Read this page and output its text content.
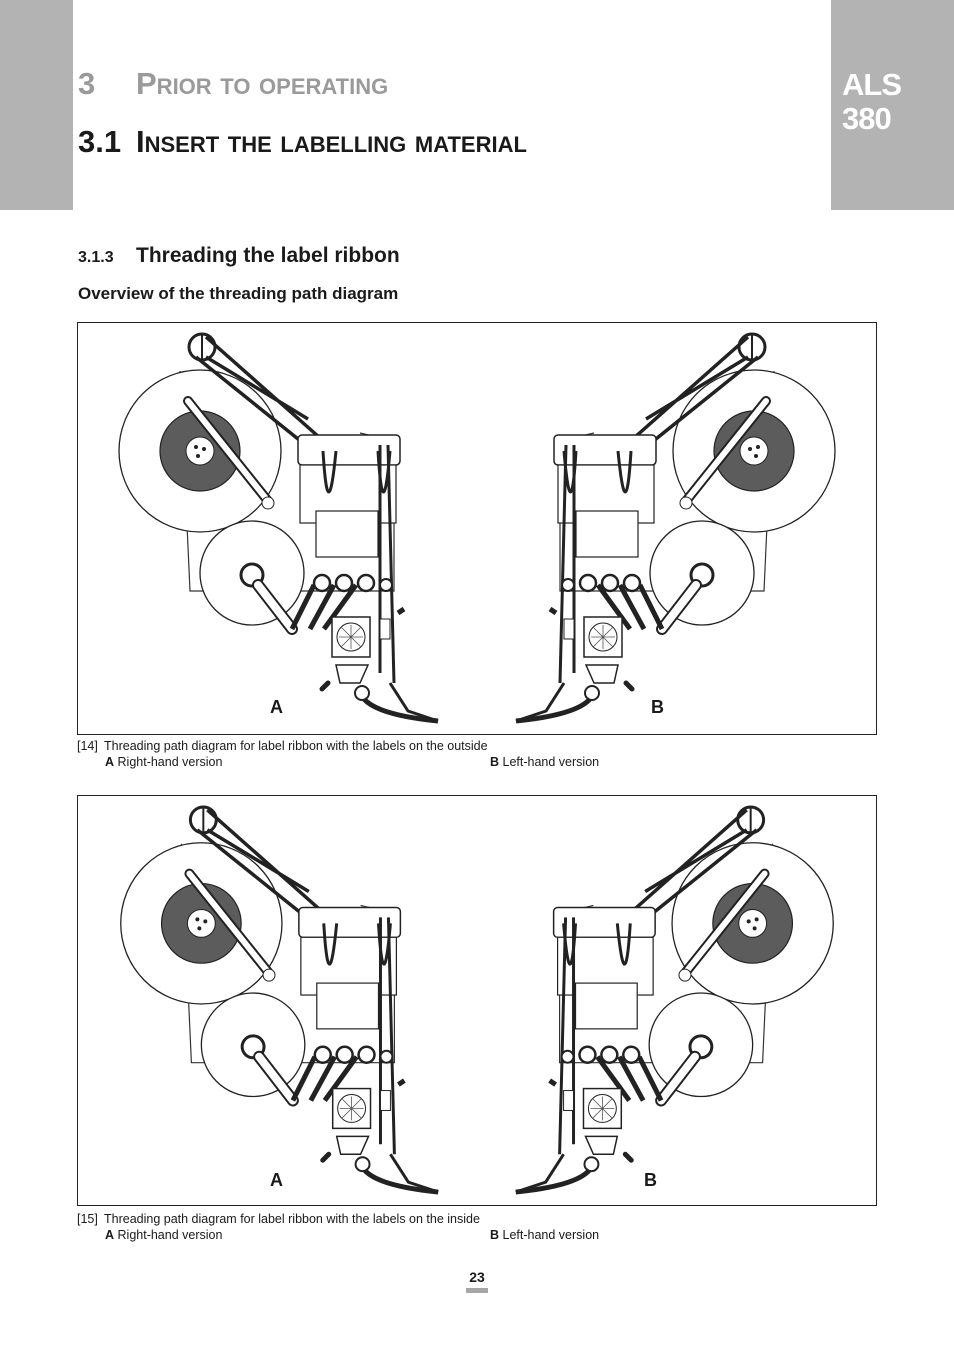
ALS
380
3 Prior to operating
3.1 Insert the labelling material
3.1.3 Threading the label ribbon
Overview of the threading path diagram
A	B
[14] Threading path diagram for label ribbon with the labels on the outside
A Right-hand version	B Left-hand version
A	B
[15] Threading path diagram for label ribbon with the labels on the inside
A Right-hand version	B Left-hand version
23
